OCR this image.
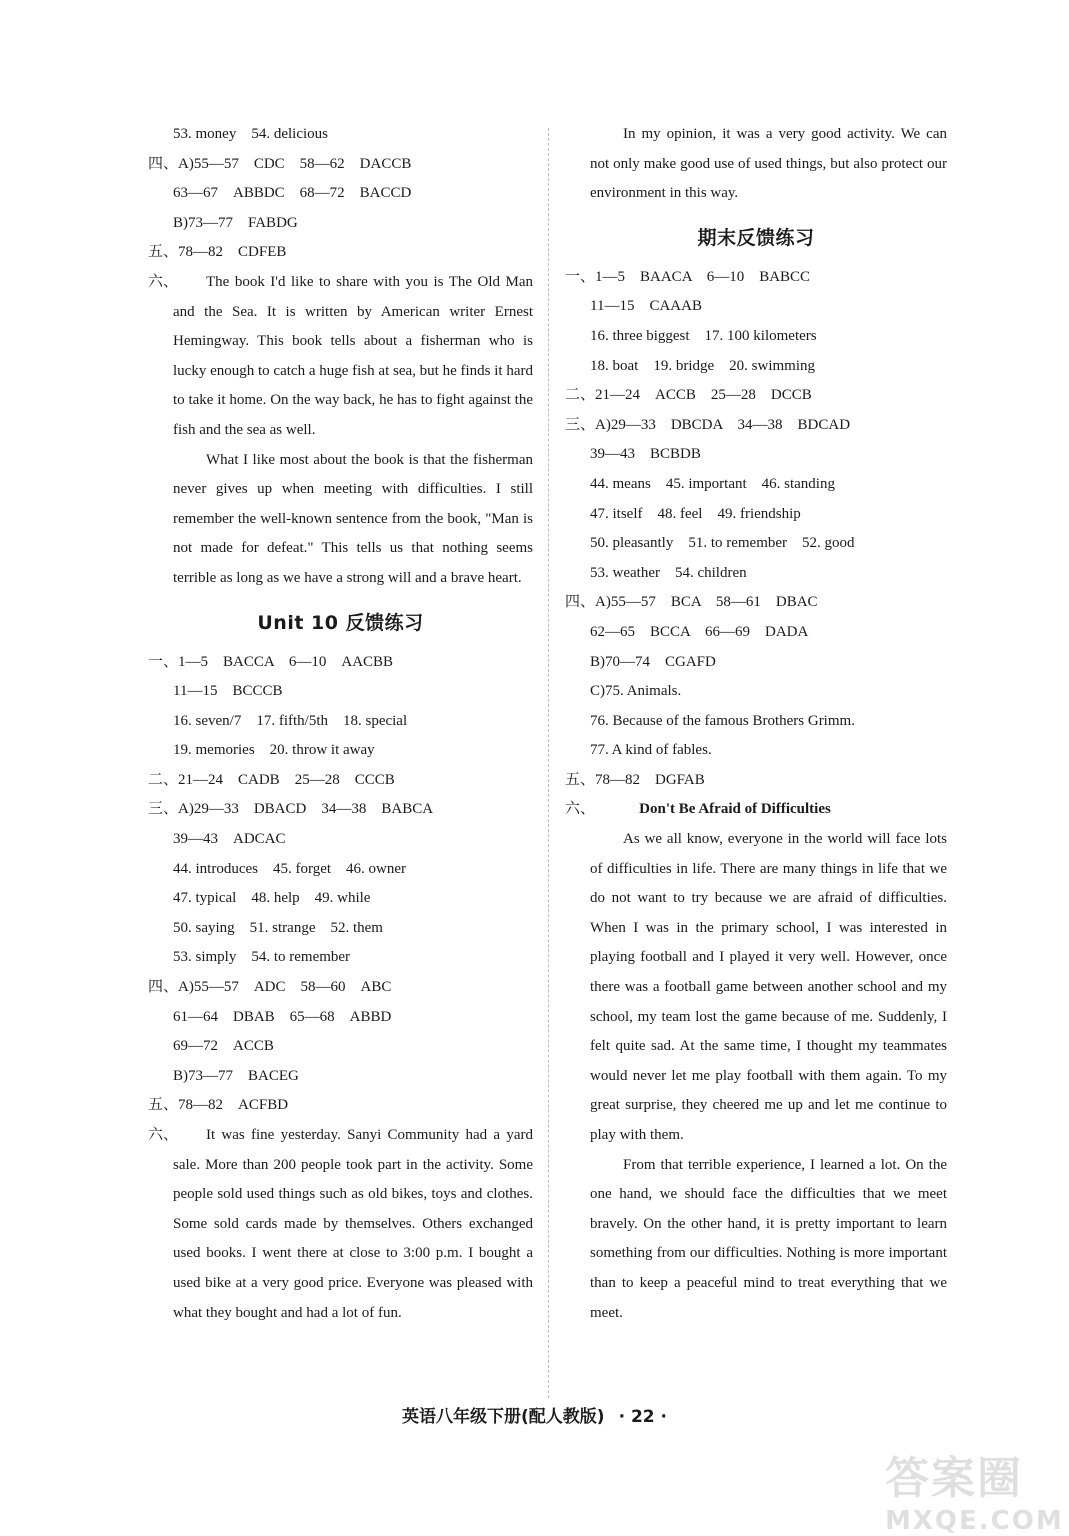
53. money　54. delicious
四、A)55—57　CDC　58—62　DACCB
63—67　ABBDC　68—72　BACCD
B)73—77　FABDG
五、78—82　CDFEB
六、	The book I'd like to share with you is The Old Man and the Sea. It is written by American writer Ernest Hemingway. This book tells about a fisherman who is lucky enough to catch a huge fish at sea, but he finds it hard to take it home. On the way back, he has to fight against the fish and the sea as well.
What I like most about the book is that the fisherman never gives up when meeting with difficulties. I still remember the well-known sentence from the book, "Man is not made for defeat." This tells us that nothing seems terrible as long as we have a strong will and a brave heart.
Unit 10 反馈练习
一、1—5　BACCA　6—10　AACBB
11—15　BCCCB
16. seven/7　17. fifth/5th　18. special
19. memories　20. throw it away
二、21—24　CADB　25—28　CCCB
三、A)29—33　DBACD　34—38　BABCA
39—43　ADCAC
44. introduces　45. forget　46. owner
47. typical　48. help　49. while
50. saying　51. strange　52. them
53. simply　54. to remember
四、A)55—57　ADC　58—60　ABC
61—64　DBAB　65—68　ABBD
69—72　ACCB
B)73—77　BACEG
五、78—82　ACFBD
六、	It was fine yesterday. Sanyi Community had a yard sale. More than 200 people took part in the activity. Some people sold used things such as old bikes, toys and clothes. Some sold cards made by themselves. Others exchanged used books. I went there at close to 3:00 p.m. I bought a used bike at a very good price. Everyone was pleased with what they bought and had a lot of fun.
In my opinion, it was a very good activity. We can not only make good use of used things, but also protect our environment in this way.
期末反馈练习
一、1—5　BAACA　6—10　BABCC
11—15　CAAAB
16. three biggest　17. 100 kilometers
18. boat　19. bridge　20. swimming
二、21—24　ACCB　25—28　DCCB
三、A)29—33　DBCDA　34—38　BDCAD
39—43　BCBDB
44. means　45. important　46. standing
47. itself　48. feel　49. friendship
50. pleasantly　51. to remember　52. good
53. weather　54. children
四、A)55—57　BCA　58—61　DBAC
62—65　BCCA　66—69　DADA
B)70—74　CGAFD
C)75. Animals.
76. Because of the famous Brothers Grimm.
77. A kind of fables.
五、78—82　DGFAB
六、	Don't Be Afraid of Difficulties
As we all know, everyone in the world will face lots of difficulties in life. There are many things in life that we do not want to try because we are afraid of difficulties. When I was in the primary school, I was interested in playing football and I played it very well. However, once there was a football game between another school and my school, my team lost the game because of me. Suddenly, I felt quite sad. At the same time, I thought my teammates would never let me play football with them again. To my great surprise, they cheered me up and let me continue to play with them.
From that terrible experience, I learned a lot. On the one hand, we should face the difficulties that we meet bravely. On the other hand, it is pretty important to learn something from our difficulties. Nothing is more important than to keep a peaceful mind to treat everything that we meet.
英语八年级下册(配人教版) · 22 ·
答案圈
MXQE.COM
